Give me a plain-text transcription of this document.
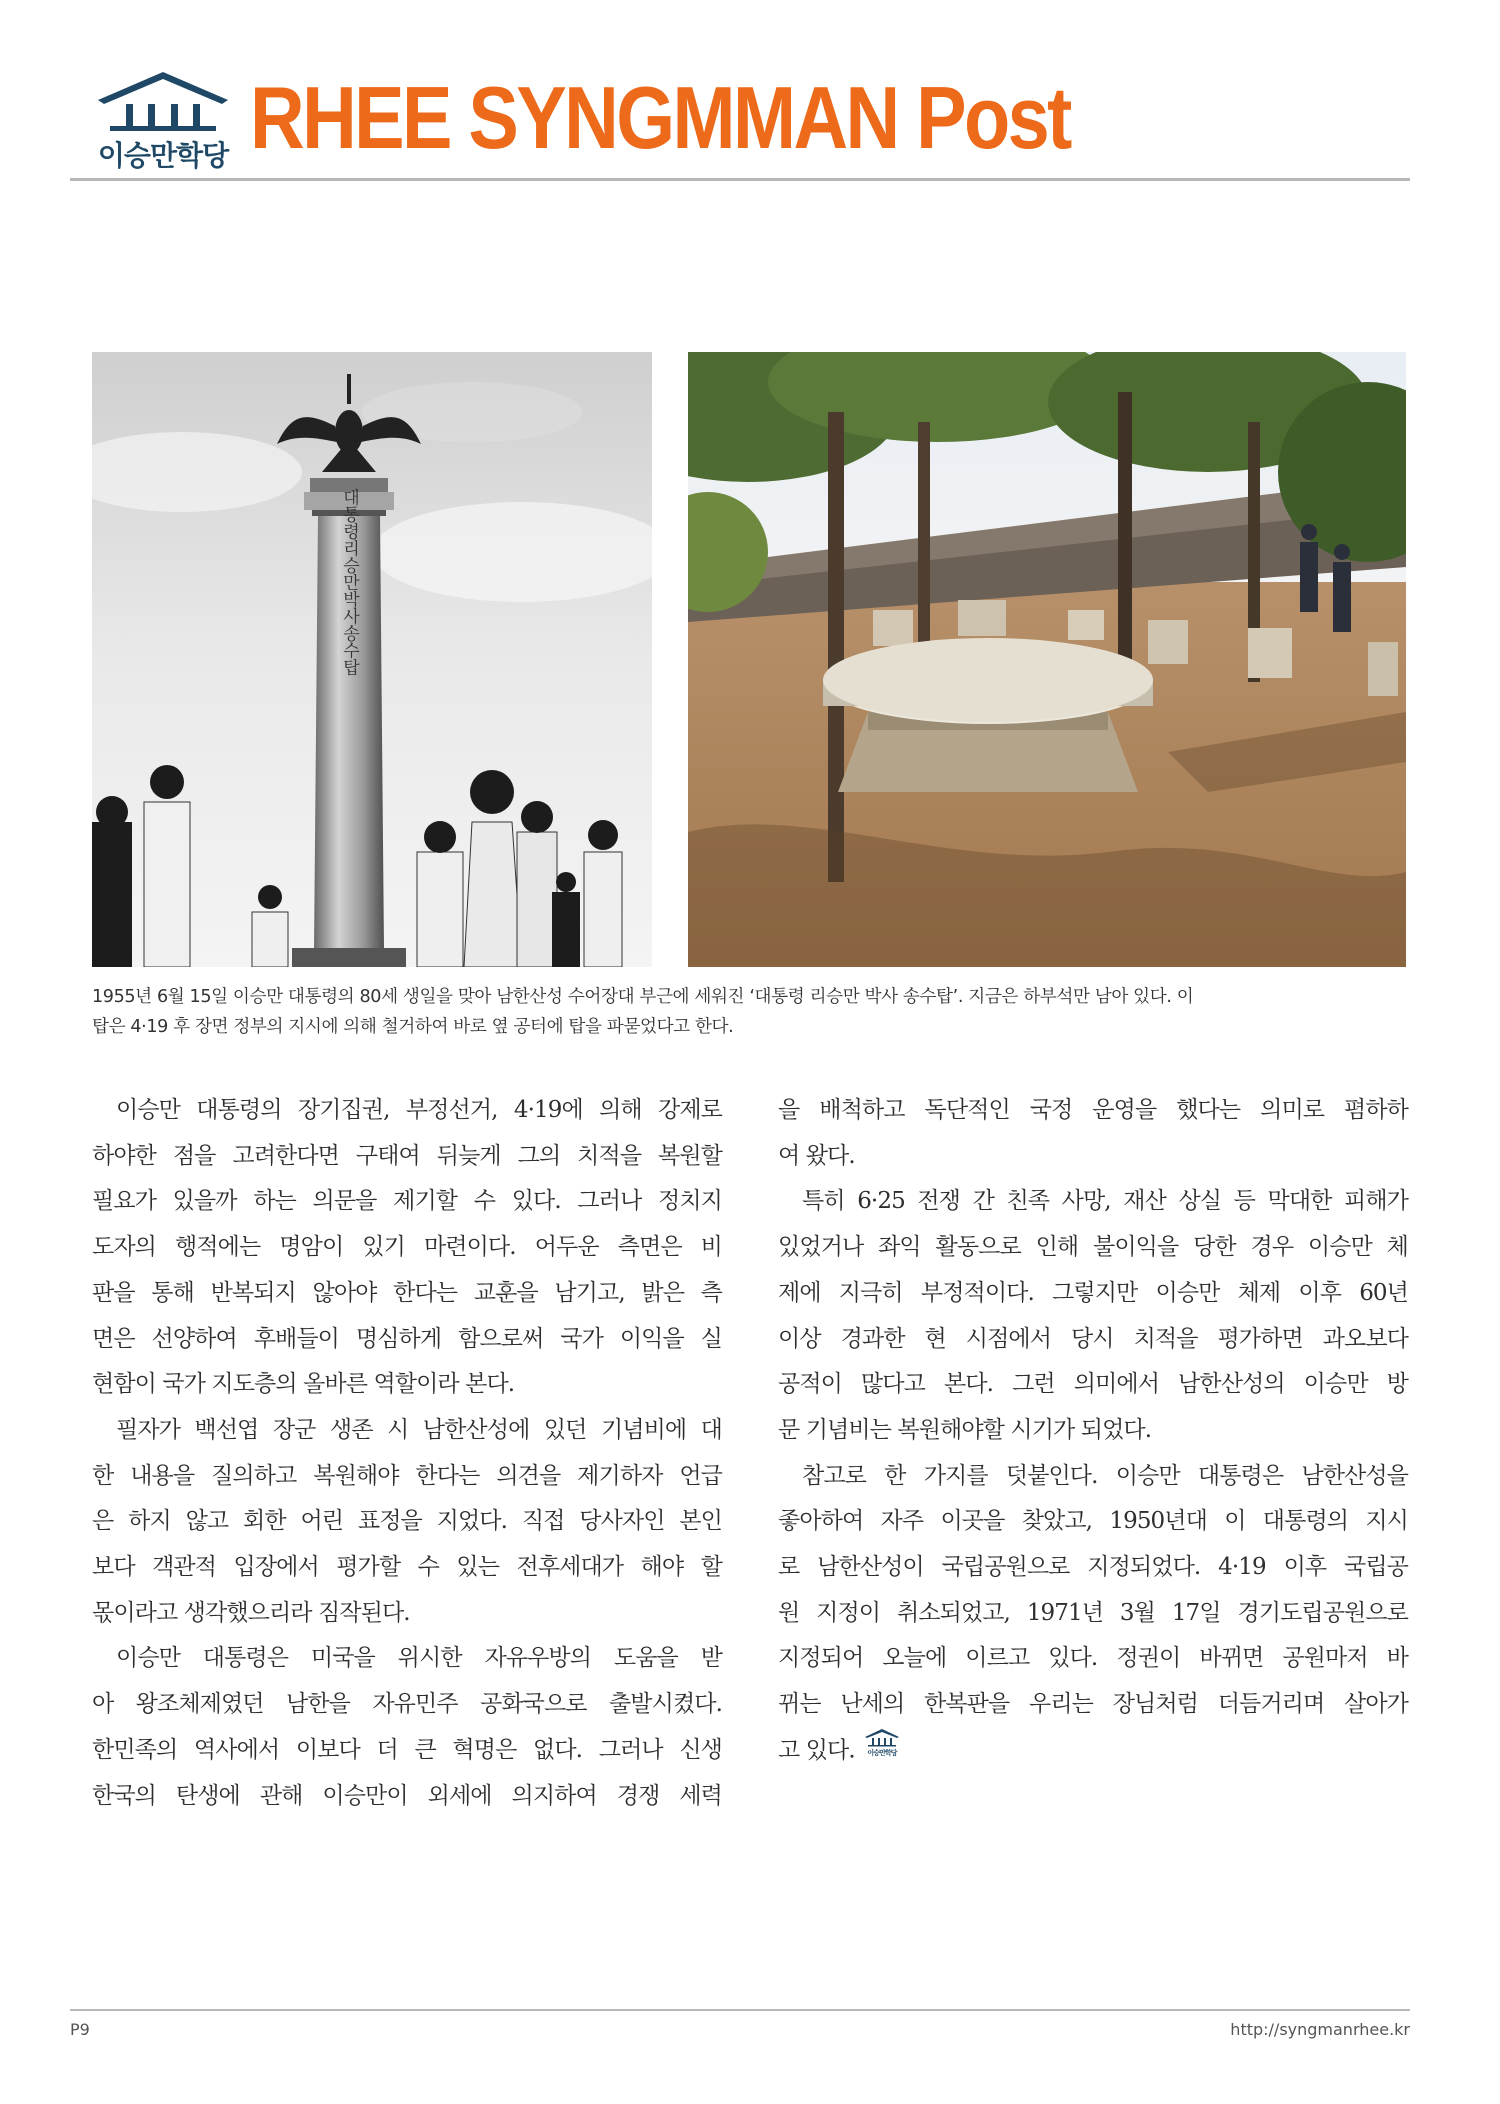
이승만학당 RHEE SYNGMMAN Post
대통령리승만박사송수탑

1955년 6월 15일 이승만 대통령의 80세 생일을 맞아 남한산성 수어장대 부근에 세워진 ‘대통령 리승만 박사 송수탑’. 지금은 하부석만 남아 있다. 이

탑은 4·19 후 장면 정부의 지시에 의해 철거하여 바로 옆 공터에 탑을 파묻었다고 한다.

이승만 대통령의 장기집권, 부정선거, 4·19에 의해 강제로

하야한 점을 고려한다면 구태여 뒤늦게 그의 치적을 복원할

필요가 있을까 하는 의문을 제기할 수 있다. 그러나 정치지

도자의 행적에는 명암이 있기 마련이다. 어두운 측면은 비

판을 통해 반복되지 않아야 한다는 교훈을 남기고, 밝은 측

면은 선양하여 후배들이 명심하게 함으로써 국가 이익을 실

현함이 국가 지도층의 올바른 역할이라 본다.

필자가 백선엽 장군 생존 시 남한산성에 있던 기념비에 대

한 내용을 질의하고 복원해야 한다는 의견을 제기하자 언급

은 하지 않고 회한 어린 표정을 지었다. 직접 당사자인 본인

보다 객관적 입장에서 평가할 수 있는 전후세대가 해야 할

몫이라고 생각했으리라 짐작된다.

이승만 대통령은 미국을 위시한 자유우방의 도움을 받

아 왕조체제였던 남한을 자유민주 공화국으로 출발시켰다.

한민족의 역사에서 이보다 더 큰 혁명은 없다. 그러나 신생

한국의 탄생에 관해 이승만이 외세에 의지하여 경쟁 세력

을 배척하고 독단적인 국정 운영을 했다는 의미로 폄하하

여 왔다.

특히 6·25 전쟁 간 친족 사망, 재산 상실 등 막대한 피해가

있었거나 좌익 활동으로 인해 불이익을 당한 경우 이승만 체

제에 지극히 부정적이다. 그렇지만 이승만 체제 이후 60년

이상 경과한 현 시점에서 당시 치적을 평가하면 과오보다

공적이 많다고 본다. 그런 의미에서 남한산성의 이승만 방

문 기념비는 복원해야할 시기가 되었다.

참고로 한 가지를 덧붙인다. 이승만 대통령은 남한산성을

좋아하여 자주 이곳을 찾았고, 1950년대 이 대통령의 지시

로 남한산성이 국립공원으로 지정되었다. 4·19 이후 국립공

원 지정이 취소되었고, 1971년 3월 17일 경기도립공원으로

지정되어 오늘에 이르고 있다. 정권이 바뀌면 공원마저 바

뀌는 난세의 한복판을 우리는 장님처럼 더듬거리며 살아가

고 있다. 이승만학당

P9	http://syngmanrhee.kr
